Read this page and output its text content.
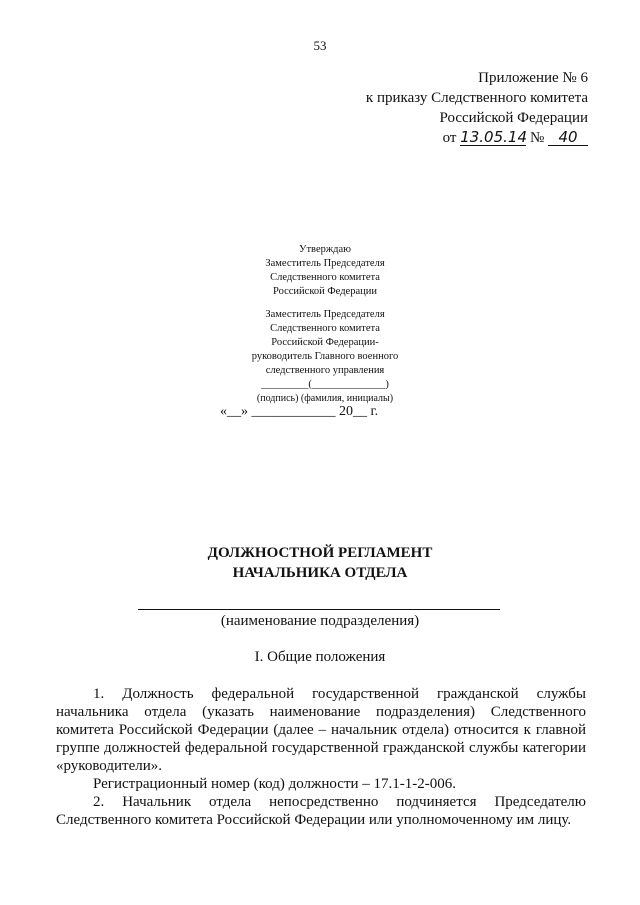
53
Приложение № 6
к приказу Следственного комитета
Российской Федерации
от 13.05.14 № 40
Утверждаю
Заместитель Председателя
Следственного комитета
Российской Федерации
Заместитель Председателя
Следственного комитета
Российской Федерации-
руководитель Главного военного
следственного управления
_________(______________)
(подпись) (фамилия, инициалы)
«__» ____________ 20__ г.
ДОЛЖНОСТНОЙ РЕГЛАМЕНТ
НАЧАЛЬНИКА ОТДЕЛА
(наименование подразделения)
I. Общие положения

1. Должность федеральной государственной гражданской службы начальника отдела (указать наименование подразделения) Следственного комитета Российской Федерации (далее – начальник отдела) относится к главной группе должностей федеральной государственной гражданской службы категории «руководители».

Регистрационный номер (код) должности – 17.1-1-2-006.

2. Начальник отдела непосредственно подчиняется Председателю Следственного комитета Российской Федерации или уполномоченному им лицу.
